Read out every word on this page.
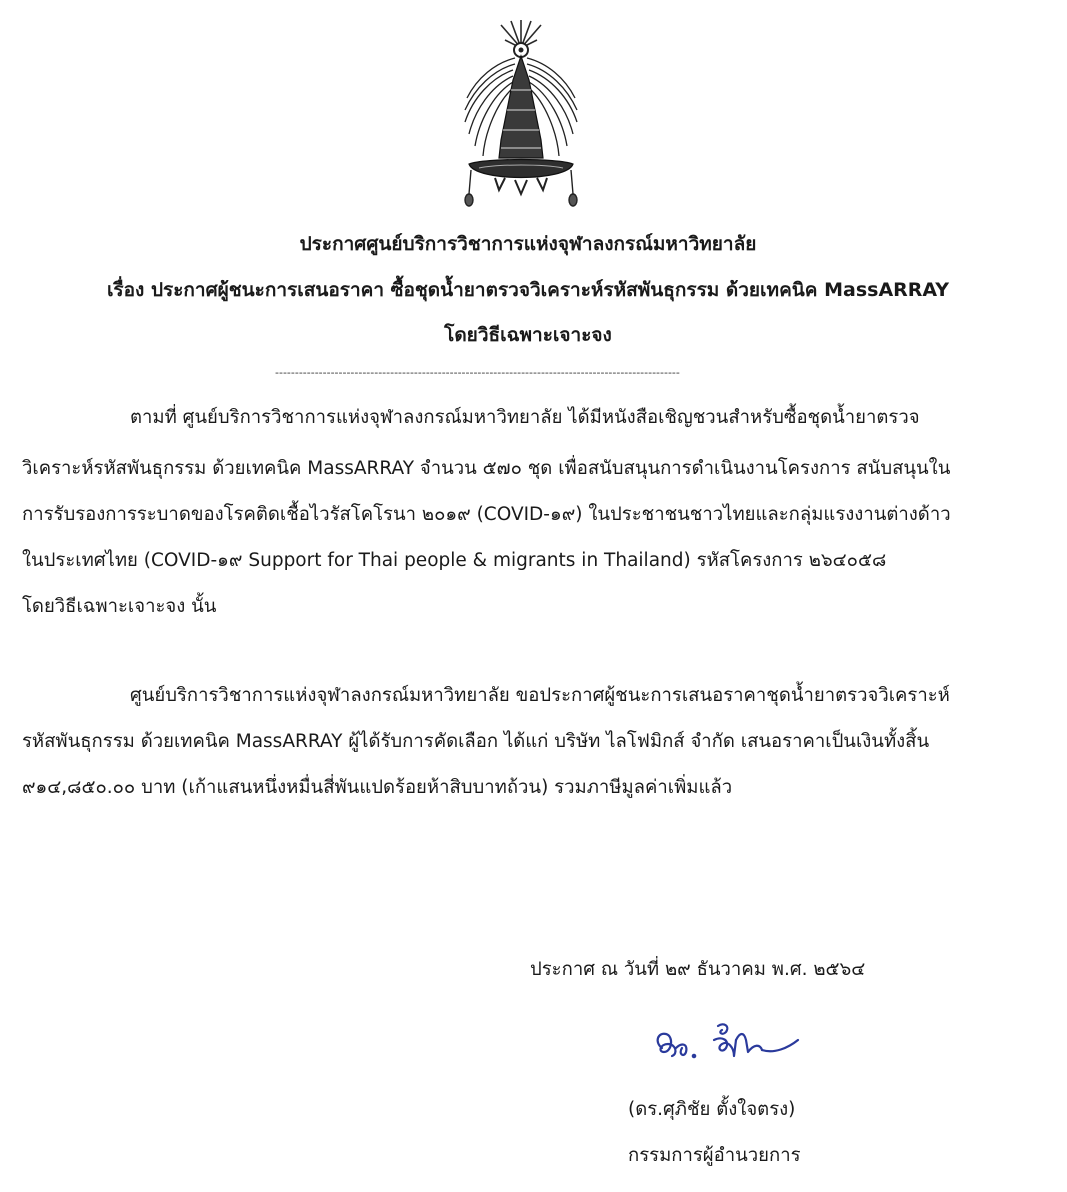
ประกาศศูนย์บริการวิชาการแห่งจุฬาลงกรณ์มหาวิทยาลัย
เรื่อง ประกาศผู้ชนะการเสนอราคา ซื้อชุดน้ำยาตรวจวิเคราะห์รหัสพันธุกรรม ด้วยเทคนิค MassARRAY
โดยวิธีเฉพาะเจาะจง
------------------------------------------------------------------------------------------------------
ตามที่ ศูนย์บริการวิชาการแห่งจุฬาลงกรณ์มหาวิทยาลัย ได้มีหนังสือเชิญชวนสำหรับซื้อชุดน้ำยาตรวจ
วิเคราะห์รหัสพันธุกรรม ด้วยเทคนิค MassARRAY จำนวน ๕๗๐ ชุด เพื่อสนับสนุนการดำเนินงานโครงการ สนับสนุนใน
การรับรองการระบาดของโรคติดเชื้อไวรัสโคโรนา ๒๐๑๙ (COVID-๑๙) ในประชาชนชาวไทยและกลุ่มแรงงานต่างด้าว
ในประเทศไทย (COVID-๑๙ Support for Thai people & migrants in Thailand) รหัสโครงการ ๒๖๔๐๕๘
โดยวิธีเฉพาะเจาะจง นั้น
ศูนย์บริการวิชาการแห่งจุฬาลงกรณ์มหาวิทยาลัย ขอประกาศผู้ชนะการเสนอราคาชุดน้ำยาตรวจวิเคราะห์
รหัสพันธุกรรม ด้วยเทคนิค MassARRAY ผู้ได้รับการคัดเลือก ได้แก่ บริษัท ไลโฟมิกส์ จำกัด เสนอราคาเป็นเงินทั้งสิ้น
๙๑๔,๘๕๐.๐๐ บาท (เก้าแสนหนึ่งหมื่นสี่พันแปดร้อยห้าสิบบาทถ้วน) รวมภาษีมูลค่าเพิ่มแล้ว
ประกาศ ณ วันที่ ๒๙ ธันวาคม พ.ศ. ๒๕๖๔
(ดร.ศุภิชัย ตั้งใจตรง)
กรรมการผู้อำนวยการ
